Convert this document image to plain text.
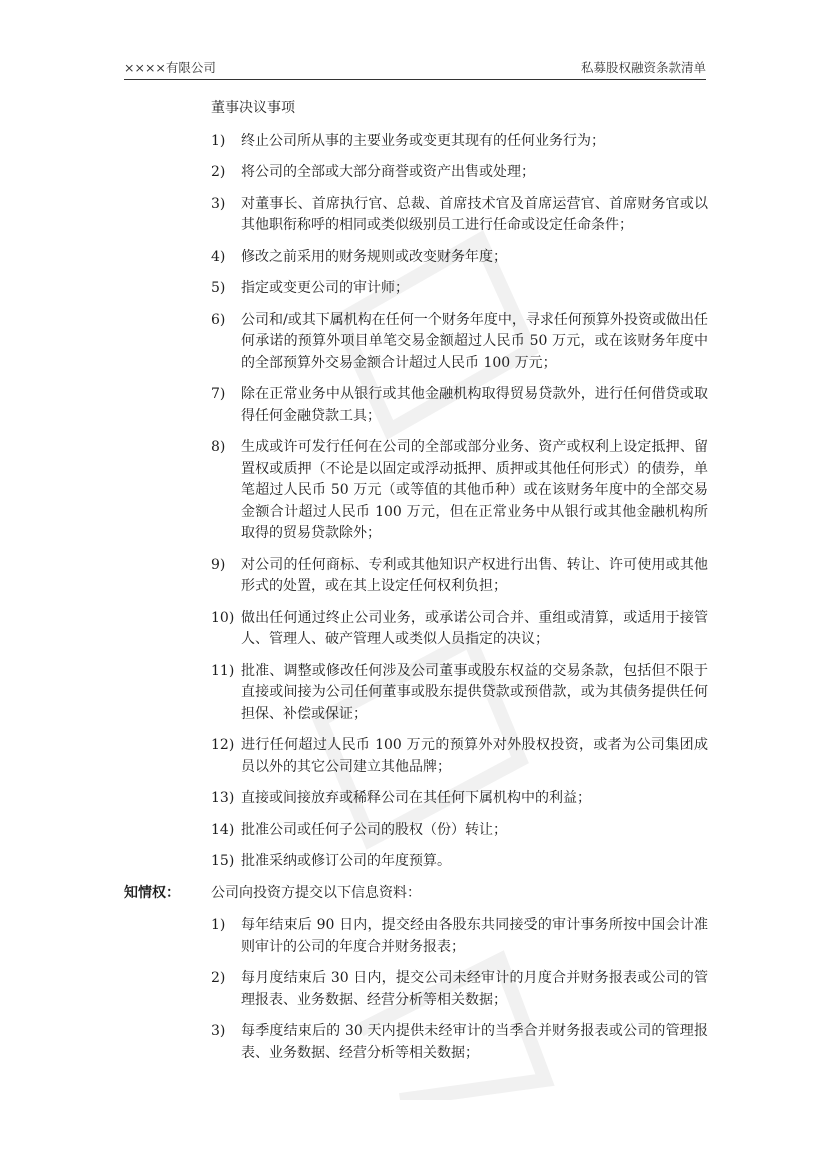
××××有限公司	私募股权融资条款清单
董事决议事项
1)	终止公司所从事的主要业务或变更其现有的任何业务行为；
2)	将公司的全部或大部分商誉或资产出售或处理；
3)	对董事长、首席执行官、总裁、首席技术官及首席运营官、首席财务官或以其他职衔称呼的相同或类似级别员工进行任命或设定任命条件；
4)	修改之前采用的财务规则或改变财务年度；
5)	指定或变更公司的审计师；
6)	公司和/或其下属机构在任何一个财务年度中，寻求任何预算外投资或做出任何承诺的预算外项目单笔交易金额超过人民币 50 万元，或在该财务年度中的全部预算外交易金额合计超过人民币 100 万元；
7)	除在正常业务中从银行或其他金融机构取得贸易贷款外，进行任何借贷或取得任何金融贷款工具；
8)	生成或许可发行任何在公司的全部或部分业务、资产或权利上设定抵押、留置权或质押（不论是以固定或浮动抵押、质押或其他任何形式）的债券，单笔超过人民币 50 万元（或等值的其他币种）或在该财务年度中的全部交易金额合计超过人民币 100 万元，但在正常业务中从银行或其他金融机构所取得的贸易贷款除外；
9)	对公司的任何商标、专利或其他知识产权进行出售、转让、许可使用或其他形式的处置，或在其上设定任何权利负担；
10) 做出任何通过终止公司业务，或承诺公司合并、重组或清算，或适用于接管人、管理人、破产管理人或类似人员指定的决议；
11) 批准、调整或修改任何涉及公司董事或股东权益的交易条款，包括但不限于直接或间接为公司任何董事或股东提供贷款或预借款，或为其债务提供任何担保、补偿或保证；
12) 进行任何超过人民币 100 万元的预算外对外股权投资，或者为公司集团成员以外的其它公司建立其他品牌；
13) 直接或间接放弃或稀释公司在其任何下属机构中的利益；
14) 批准公司或任何子公司的股权（份）转让；
15) 批准采纳或修订公司的年度预算。
知情权：	公司向投资方提交以下信息资料：
1)	每年结束后 90 日内，提交经由各股东共同接受的审计事务所按中国会计准则审计的公司的年度合并财务报表；
2)	每月度结束后 30 日内，提交公司未经审计的月度合并财务报表或公司的管理报表、业务数据、经营分析等相关数据；
3)	每季度结束后的 30 天内提供未经审计的当季合并财务报表或公司的管理报表、业务数据、经营分析等相关数据；
